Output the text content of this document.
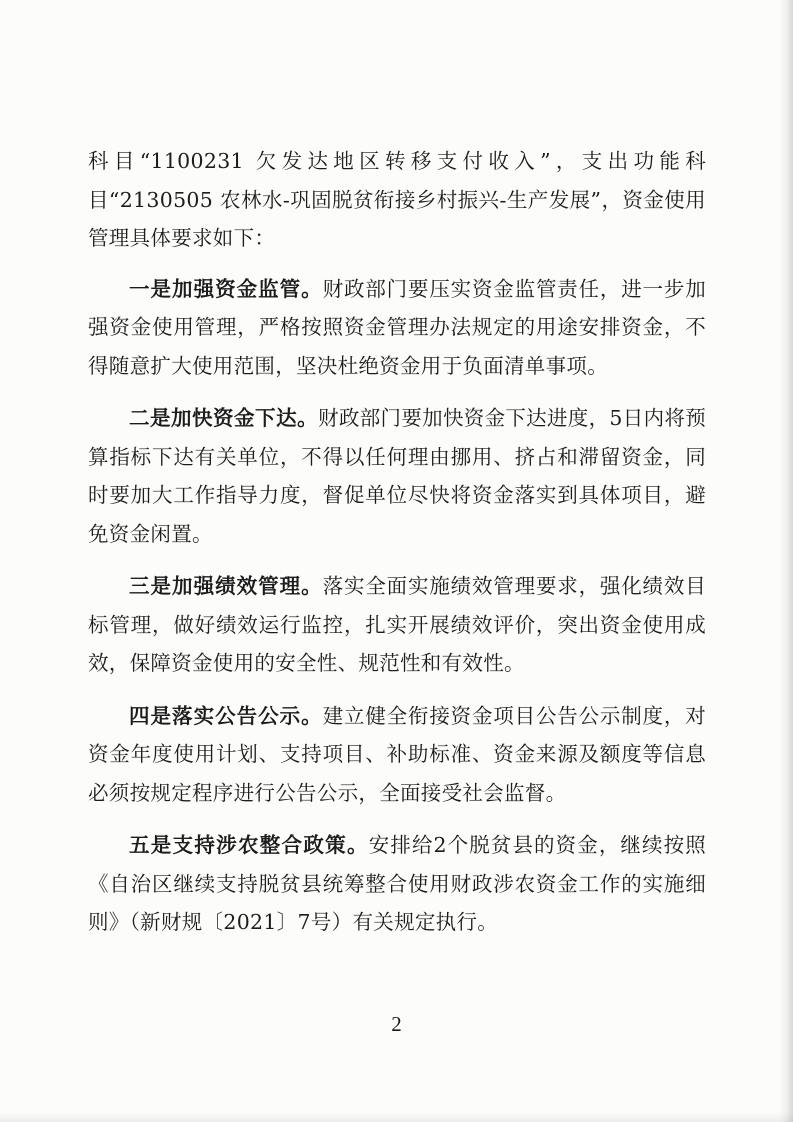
科目“1100231 欠发达地区转移支付收入”，支出功能科目“2130505 农林水-巩固脱贫衔接乡村振兴-生产发展”，资金使用管理具体要求如下：

一是加强资金监管。财政部门要压实资金监管责任，进一步加强资金使用管理，严格按照资金管理办法规定的用途安排资金，不得随意扩大使用范围，坚决杜绝资金用于负面清单事项。

二是加快资金下达。财政部门要加快资金下达进度，5日内将预算指标下达有关单位，不得以任何理由挪用、挤占和滞留资金，同时要加大工作指导力度，督促单位尽快将资金落实到具体项目，避免资金闲置。

三是加强绩效管理。落实全面实施绩效管理要求，强化绩效目标管理，做好绩效运行监控，扎实开展绩效评价，突出资金使用成效，保障资金使用的安全性、规范性和有效性。

四是落实公告公示。建立健全衔接资金项目公告公示制度，对资金年度使用计划、支持项目、补助标准、资金来源及额度等信息必须按规定程序进行公告公示，全面接受社会监督。

五是支持涉农整合政策。安排给2个脱贫县的资金，继续按照《自治区继续支持脱贫县统筹整合使用财政涉农资金工作的实施细则》（新财规〔2021〕7号）有关规定执行。

2
